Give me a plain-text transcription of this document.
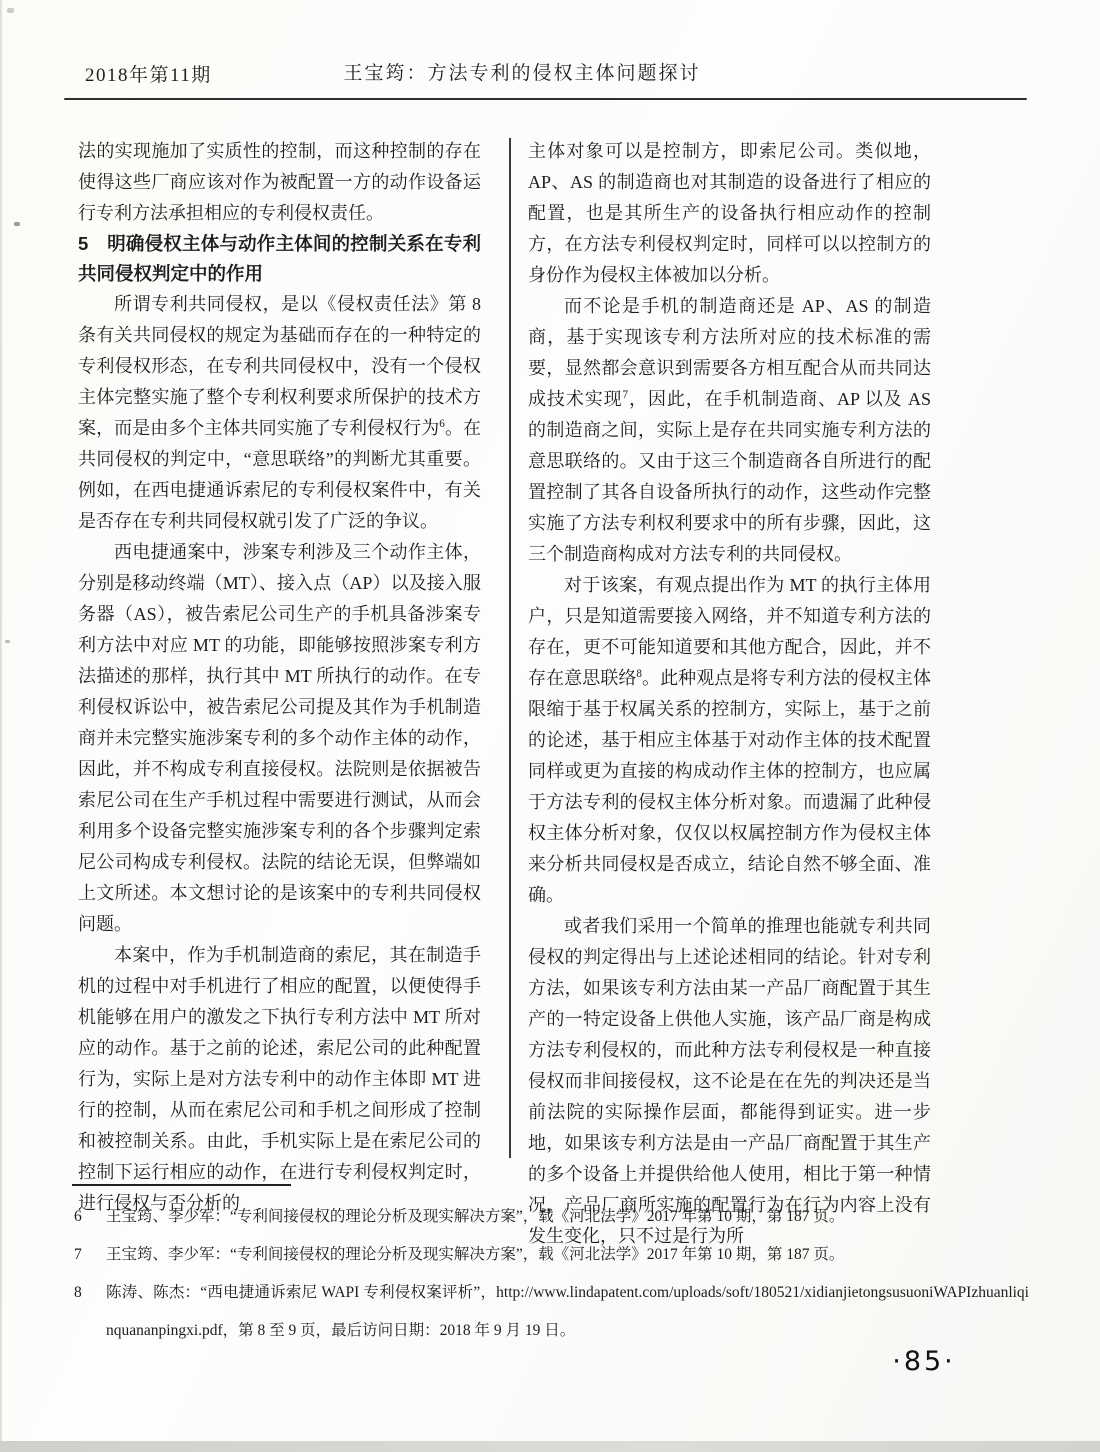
2018年第11期	王宝筠：方法专利的侵权主体问题探讨

法的实现施加了实质性的控制，而这种控制的存在使得这些厂商应该对作为被配置一方的动作设备运行专利方法承担相应的专利侵权责任。

5　明确侵权主体与动作主体间的控制关系在专利共同侵权判定中的作用

所谓专利共同侵权，是以《侵权责任法》第 8 条有关共同侵权的规定为基础而存在的一种特定的专利侵权形态，在专利共同侵权中，没有一个侵权主体完整实施了整个专利权利要求所保护的技术方案，而是由多个主体共同实施了专利侵权行为$^6$。在共同侵权的判定中，“意思联络”的判断尤其重要。例如，在西电捷通诉索尼的专利侵权案件中，有关是否存在专利共同侵权就引发了广泛的争议。

西电捷通案中，涉案专利涉及三个动作主体，分别是移动终端（MT）、接入点（AP）以及接入服务器（AS），被告索尼公司生产的手机具备涉案专利方法中对应 MT 的功能，即能够按照涉案专利方法描述的那样，执行其中 MT 所执行的动作。在专利侵权诉讼中，被告索尼公司提及其作为手机制造商并未完整实施涉案专利的多个动作主体的动作，因此，并不构成专利直接侵权。法院则是依据被告索尼公司在生产手机过程中需要进行测试，从而会利用多个设备完整实施涉案专利的各个步骤判定索尼公司构成专利侵权。法院的结论无误，但弊端如上文所述。本文想讨论的是该案中的专利共同侵权问题。

本案中，作为手机制造商的索尼，其在制造手机的过程中对手机进行了相应的配置，以便使得手机能够在用户的激发之下执行专利方法中 MT 所对应的动作。基于之前的论述，索尼公司的此种配置行为，实际上是对方法专利中的动作主体即 MT 进行的控制，从而在索尼公司和手机之间形成了控制和被控制关系。由此，手机实际上是在索尼公司的控制下运行相应的动作，在进行专利侵权判定时，进行侵权与否分析的

主体对象可以是控制方，即索尼公司。类似地，AP、AS 的制造商也对其制造的设备进行了相应的配置，也是其所生产的设备执行相应动作的控制方，在方法专利侵权判定时，同样可以以控制方的身份作为侵权主体被加以分析。

而不论是手机的制造商还是 AP、AS 的制造商，基于实现该专利方法所对应的技术标准的需要，显然都会意识到需要各方相互配合从而共同达成技术实现$^7$，因此，在手机制造商、AP 以及 AS 的制造商之间，实际上是存在共同实施专利方法的意思联络的。又由于这三个制造商各自所进行的配置控制了其各自设备所执行的动作，这些动作完整实施了方法专利权利要求中的所有步骤，因此，这三个制造商构成对方法专利的共同侵权。

对于该案，有观点提出作为 MT 的执行主体用户，只是知道需要接入网络，并不知道专利方法的存在，更不可能知道要和其他方配合，因此，并不存在意思联络$^8$。此种观点是将专利方法的侵权主体限缩于基于权属关系的控制方，实际上，基于之前的论述，基于相应主体基于对动作主体的技术配置同样或更为直接的构成动作主体的控制方，也应属于方法专利的侵权主体分析对象。而遗漏了此种侵权主体分析对象，仅仅以权属控制方作为侵权主体来分析共同侵权是否成立，结论自然不够全面、准确。

或者我们采用一个简单的推理也能就专利共同侵权的判定得出与上述论述相同的结论。针对专利方法，如果该专利方法由某一产品厂商配置于其生产的一特定设备上供他人实施，该产品厂商是构成方法专利侵权的，而此种方法专利侵权是一种直接侵权而非间接侵权，这不论是在在先的判决还是当前法院的实际操作层面，都能得到证实。进一步地，如果该专利方法是由一产品厂商配置于其生产的多个设备上并提供给他人使用，相比于第一种情况，产品厂商所实施的配置行为在行为内容上没有发生变化，只不过是行为所

6 王宝筠、李少军：“专利间接侵权的理论分析及现实解决方案”，载《河北法学》2017 年第 10 期，第 187 页。

7 王宝筠、李少军：“专利间接侵权的理论分析及现实解决方案”，载《河北法学》2017 年第 10 期，第 187 页。

8 陈涛、陈杰：“西电捷通诉索尼 WAPI 专利侵权案评析”，http://www.lindapatent.com/uploads/soft/180521/xidianjietongsusuoniWAPIzhuanliqinquananpingxi.pdf，第 8 至 9 页，最后访问日期：2018 年 9 月 19 日。

·85·
